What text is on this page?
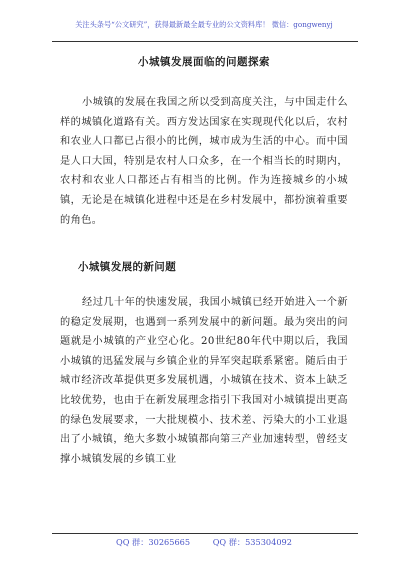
关注头条号“公文研究”，获得最新最全最专业的公文资料库！ 微信：gongwenyj
小城镇发展面临的问题探索
小城镇的发展在我国之所以受到高度关注，与中国走什么样的城镇化道路有关。西方发达国家在实现现代化以后，农村和农业人口都已占很小的比例，城市成为生活的中心。而中国是人口大国，特别是农村人口众多，在一个相当长的时期内，农村和农业人口都还占有相当的比例。作为连接城乡的小城镇，无论是在城镇化进程中还是在乡村发展中，都扮演着重要的角色。
小城镇发展的新问题
经过几十年的快速发展，我国小城镇已经开始进入一个新的稳定发展期，也遇到一系列发展中的新问题。最为突出的问题就是小城镇的产业空心化。20世纪80年代中期以后，我国小城镇的迅猛发展与乡镇企业的异军突起联系紧密。随后由于城市经济改革提供更多发展机遇，小城镇在技术、资本上缺乏比较优势，也由于在新发展理念指引下我国对小城镇提出更高的绿色发展要求，一大批规模小、技术差、污染大的小工业退出了小城镇，绝大多数小城镇都向第三产业加速转型，曾经支撑小城镇发展的乡镇工业
QQ 群：30265665	QQ 群：535304092
